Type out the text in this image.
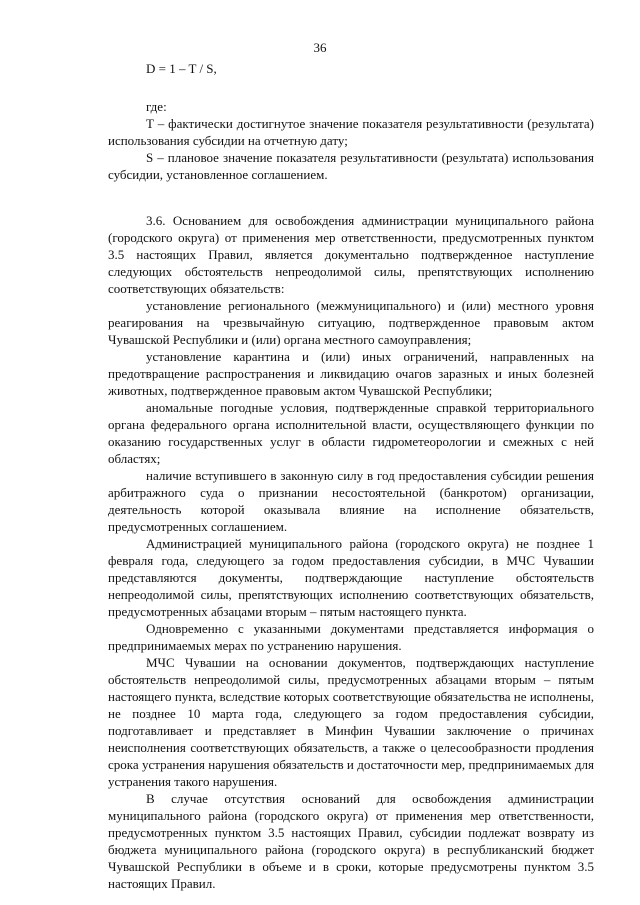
36
D = 1 – T / S,
где:

Т – фактически достигнутое значение показателя результативности (результата) использования субсидии на отчетную дату;

S – плановое значение показателя результативности (результата) использования субсидии, установленное соглашением.

3.6. Основанием для освобождения администрации муниципального района (городского округа) от применения мер ответственности, предусмотренных пунктом 3.5 настоящих Правил, является документально подтвержденное наступление следующих обстоятельств непреодолимой силы, препятствующих исполнению соответствующих обязательств:

установление регионального (межмуниципального) и (или) местного уровня реагирования на чрезвычайную ситуацию, подтвержденное правовым актом Чувашской Республики и (или) органа местного самоуправления;

установление карантина и (или) иных ограничений, направленных на предотвращение распространения и ликвидацию очагов заразных и иных болезней животных, подтвержденное правовым актом Чувашской Республики;

аномальные погодные условия, подтвержденные справкой территориального органа федерального органа исполнительной власти, осуществляющего функции по оказанию государственных услуг в области гидрометеорологии и смежных с ней областях;

наличие вступившего в законную силу в год предоставления субсидии решения арбитражного суда о признании несостоятельной (банкротом) организации, деятельность которой оказывала влияние на исполнение обязательств, предусмотренных соглашением.

Администрацией муниципального района (городского округа) не позднее 1 февраля года, следующего за годом предоставления субсидии, в МЧС Чувашии представляются документы, подтверждающие наступление обстоятельств непреодолимой силы, препятствующих исполнению соответствующих обязательств, предусмотренных абзацами вторым – пятым настоящего пункта.

Одновременно с указанными документами представляется информация о предпринимаемых мерах по устранению нарушения.

МЧС Чувашии на основании документов, подтверждающих наступление обстоятельств непреодолимой силы, предусмотренных абзацами вторым – пятым настоящего пункта, вследствие которых соответствующие обязательства не исполнены, не позднее 10 марта года, следующего за годом предоставления субсидии, подготавливает и представляет в Минфин Чувашии заключение о причинах неисполнения соответствующих обязательств, а также о целесообразности продления срока устранения нарушения обязательств и достаточности мер, предпринимаемых для устранения такого нарушения.

В случае отсутствия оснований для освобождения администрации муниципального района (городского округа) от применения мер ответственности, предусмотренных пунктом 3.5 настоящих Правил, субсидии подлежат возврату из бюджета муниципального района (городского округа) в республиканский бюджет Чувашской Республики в объеме и в сроки, которые предусмотрены пунктом 3.5 настоящих Правил.
